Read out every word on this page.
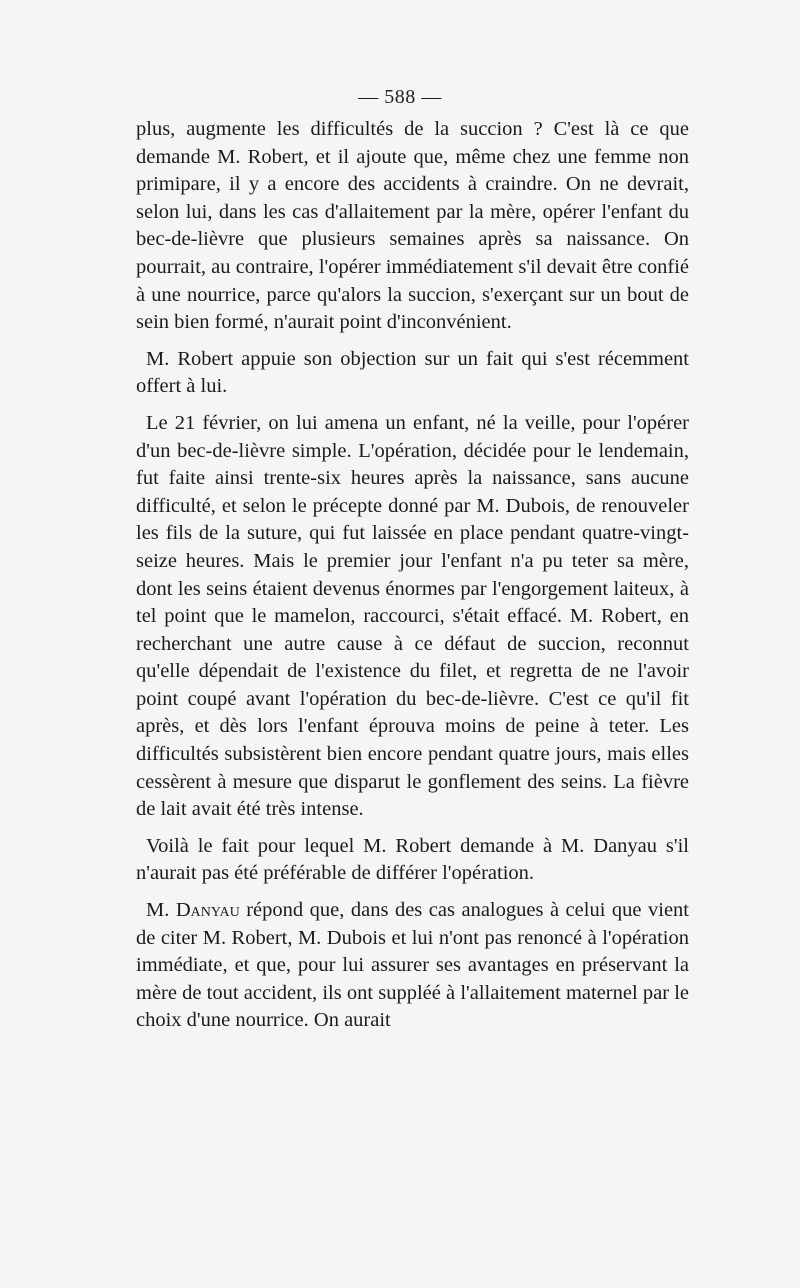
— 588 —

plus, augmente les difficultés de la succion ? C'est là ce que demande M. Robert, et il ajoute que, même chez une femme non primipare, il y a encore des accidents à craindre. On ne devrait, selon lui, dans les cas d'allaitement par la mère, opérer l'enfant du bec-de-lièvre que plusieurs semaines après sa naissance. On pourrait, au contraire, l'opérer immédiatement s'il devait être confié à une nourrice, parce qu'alors la succion, s'exerçant sur un bout de sein bien formé, n'aurait point d'inconvénient.

M. Robert appuie son objection sur un fait qui s'est récemment offert à lui.

Le 21 février, on lui amena un enfant, né la veille, pour l'opérer d'un bec-de-lièvre simple. L'opération, décidée pour le lendemain, fut faite ainsi trente-six heures après la naissance, sans aucune difficulté, et selon le précepte donné par M. Dubois, de renouveler les fils de la suture, qui fut laissée en place pendant quatre-vingt-seize heures. Mais le premier jour l'enfant n'a pu teter sa mère, dont les seins étaient devenus énormes par l'engorgement laiteux, à tel point que le mamelon, raccourci, s'était effacé. M. Robert, en recherchant une autre cause à ce défaut de succion, reconnut qu'elle dépendait de l'existence du filet, et regretta de ne l'avoir point coupé avant l'opération du bec-de-lièvre. C'est ce qu'il fit après, et dès lors l'enfant éprouva moins de peine à teter. Les difficultés subsistèrent bien encore pendant quatre jours, mais elles cessèrent à mesure que disparut le gonflement des seins. La fièvre de lait avait été très intense.

Voilà le fait pour lequel M. Robert demande à M. Danyau s'il n'aurait pas été préférable de différer l'opération.

M. Danyau répond que, dans des cas analogues à celui que vient de citer M. Robert, M. Dubois et lui n'ont pas renoncé à l'opération immédiate, et que, pour lui assurer ses avantages en préservant la mère de tout accident, ils ont suppléé à l'allaitement maternel par le choix d'une nourrice. On aurait
